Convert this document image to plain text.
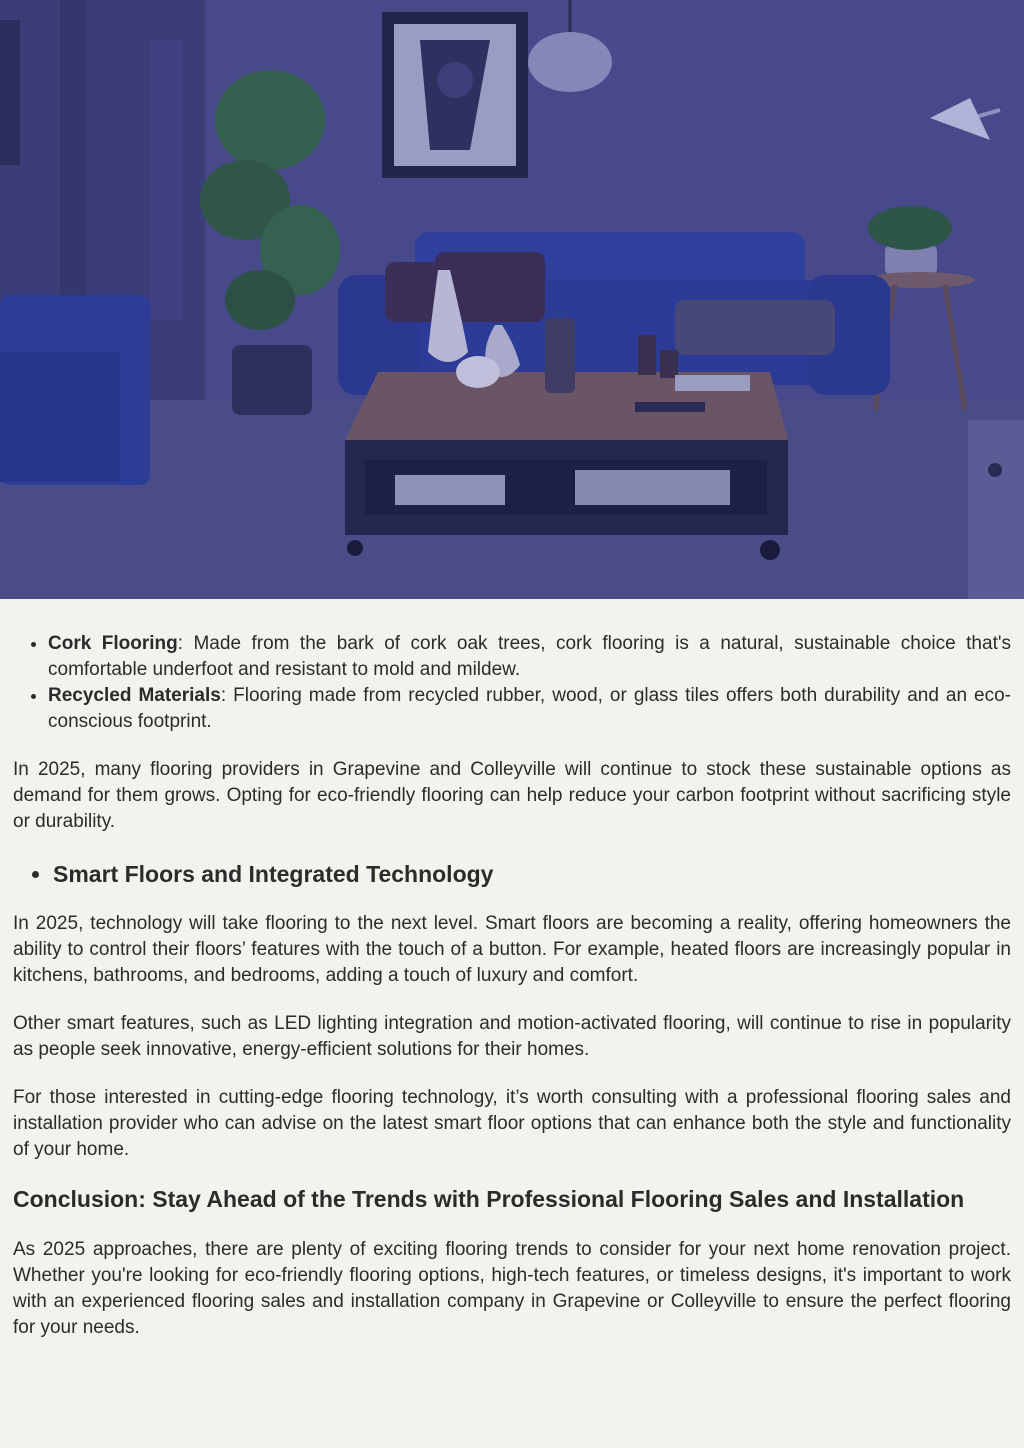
• Cork Flooring: Made from the bark of cork oak trees, cork flooring is a natural, sustainable choice that's comfortable underfoot and resistant to mold and mildew.
• Recycled Materials: Flooring made from recycled rubber, wood, or glass tiles offers both durability and an eco-conscious footprint.

In 2025, many flooring providers in Grapevine and Colleyville will continue to stock these sustainable options as demand for them grows. Opting for eco-friendly flooring can help reduce your carbon footprint without sacrificing style or durability.

• Smart Floors and Integrated Technology

In 2025, technology will take flooring to the next level. Smart floors are becoming a reality, offering homeowners the ability to control their floors’ features with the touch of a button. For example, heated floors are increasingly popular in kitchens, bathrooms, and bedrooms, adding a touch of luxury and comfort.

Other smart features, such as LED lighting integration and motion-activated flooring, will continue to rise in popularity as people seek innovative, energy-efficient solutions for their homes.

For those interested in cutting-edge flooring technology, it’s worth consulting with a professional flooring sales and installation provider who can advise on the latest smart floor options that can enhance both the style and functionality of your home.

Conclusion: Stay Ahead of the Trends with Professional Flooring Sales and Installation

As 2025 approaches, there are plenty of exciting flooring trends to consider for your next home renovation project. Whether you're looking for eco-friendly flooring options, high-tech features, or timeless designs, it's important to work with an experienced flooring sales and installation company in Grapevine or Colleyville to ensure the perfect flooring for your needs.
